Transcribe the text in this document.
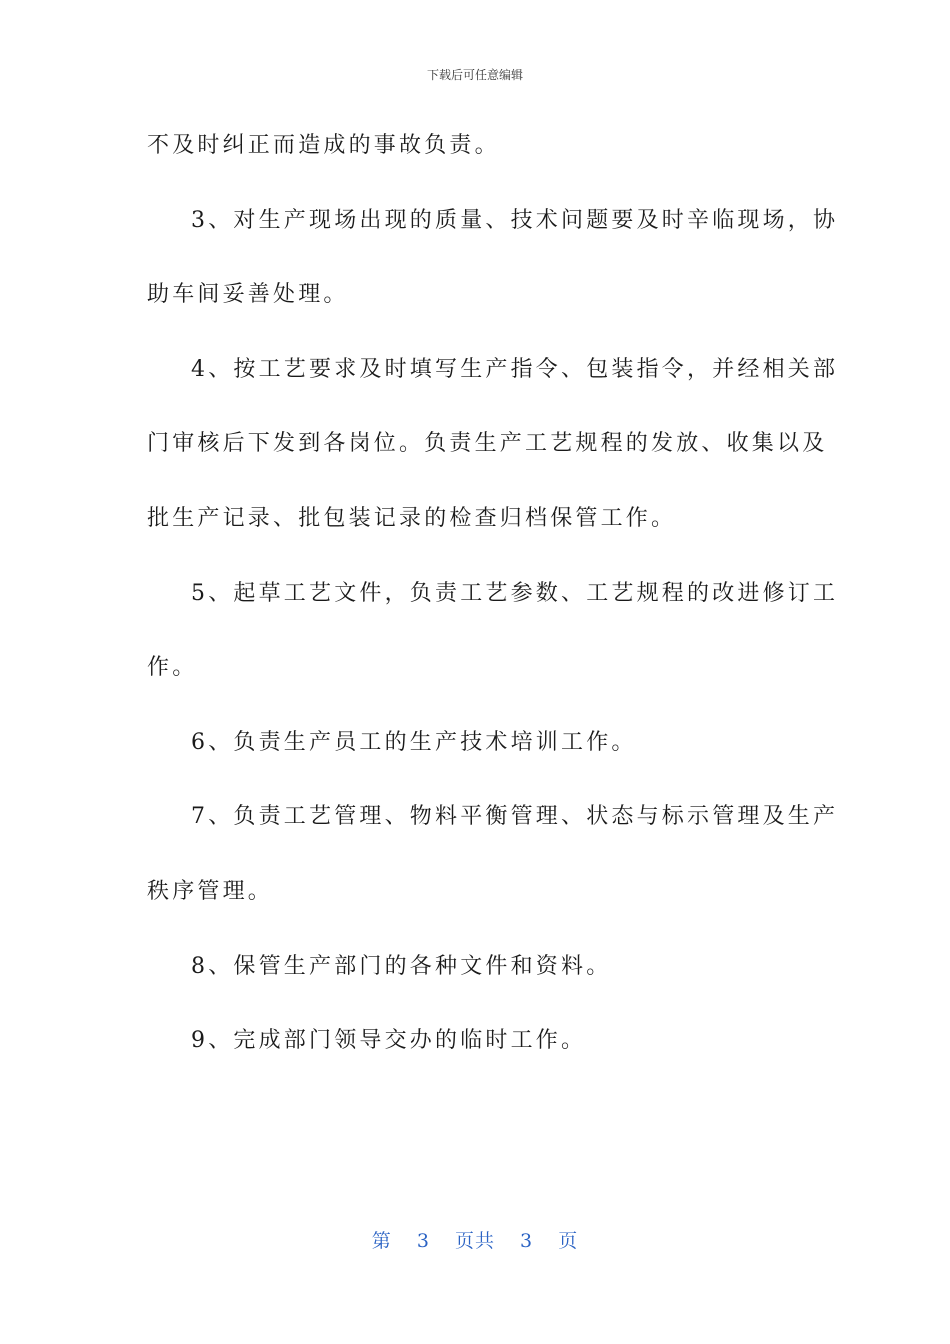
下载后可任意编辑
不及时纠正而造成的事故负责。
3、对生产现场出现的质量、技术问题要及时辛临现场，协
助车间妥善处理。
4、按工艺要求及时填写生产指令、包装指令，并经相关部
门审核后下发到各岗位。负责生产工艺规程的发放、收集以及
批生产记录、批包装记录的检查归档保管工作。
5、起草工艺文件，负责工艺参数、工艺规程的改进修订工
作。
6、负责生产员工的生产技术培训工作。
7、负责工艺管理、物料平衡管理、状态与标示管理及生产
秩序管理。
8、保管生产部门的各种文件和资料。
9、完成部门领导交办的临时工作。
第 3 页共 3 页
